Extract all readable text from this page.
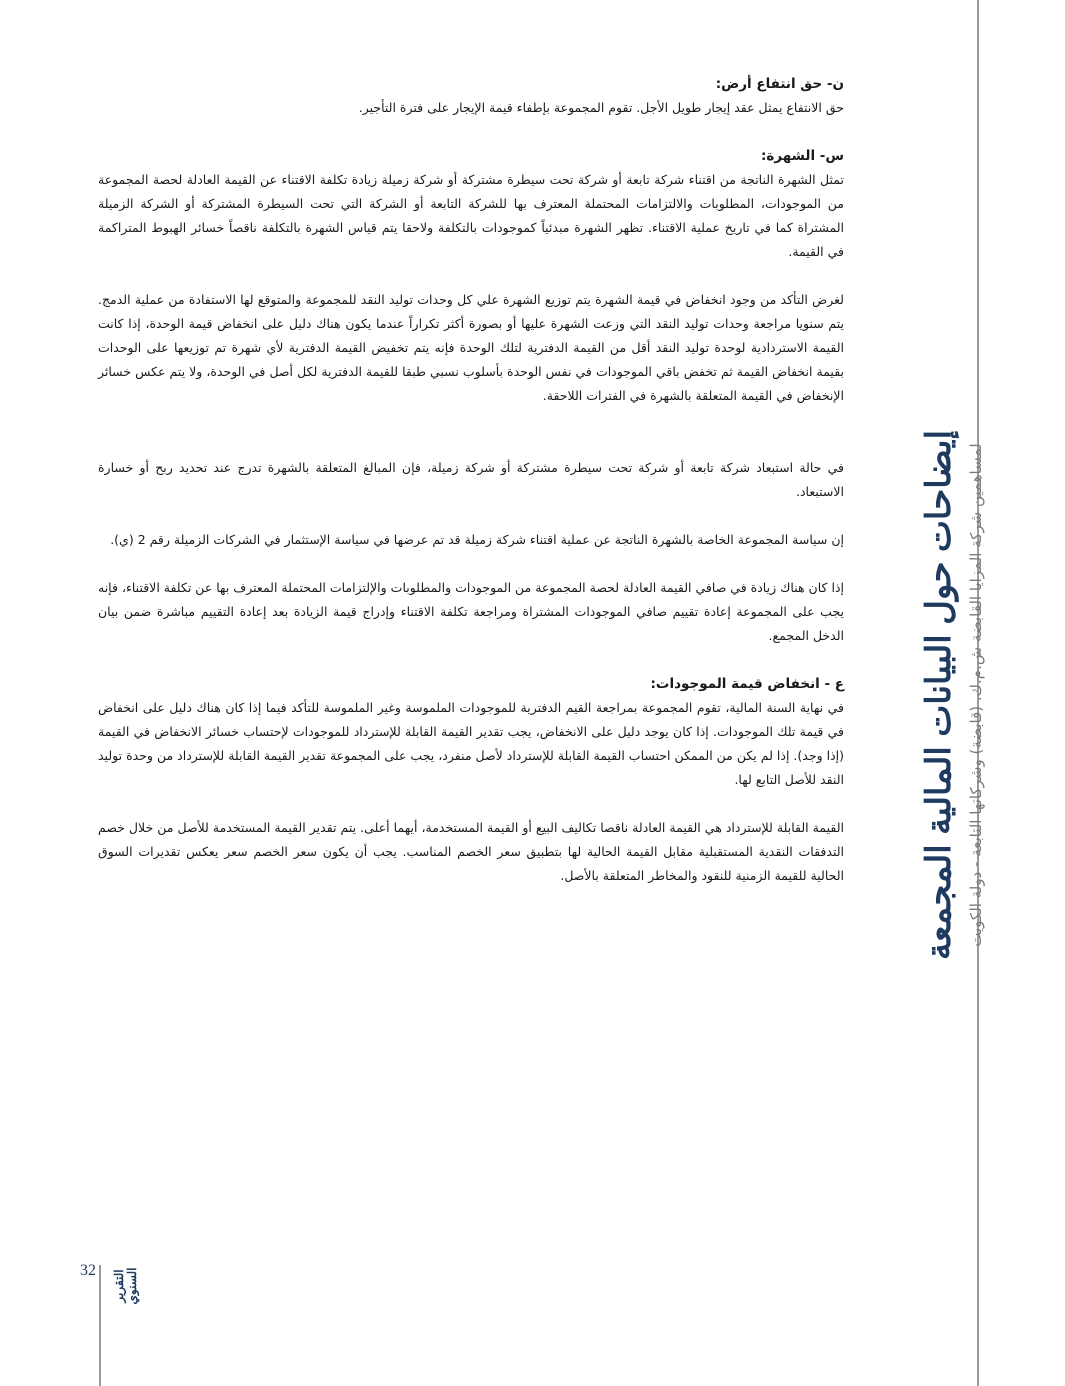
ن- حق انتفاع أرض:

حق الانتفاع يمثل عقد إيجار طويل الأجل. تقوم المجموعة بإطفاء قيمة الإيجار على فترة التأجير.

س- الشهرة:

تمثل الشهرة الناتجة من اقتناء شركة تابعة أو شركة تحت سيطرة مشتركة أو شركة زميلة زيادة تكلفة الاقتناء عن القيمة العادلة لحصة المجموعة من الموجودات، المطلوبات والالتزامات المحتملة المعترف بها للشركة التابعة أو الشركة التي تحت السيطرة المشتركة أو الشركة الزميلة المشتراة كما في تاريخ عملية الاقتناء. تظهر الشهرة مبدئياً كموجودات بالتكلفة ولاحقا يتم قياس الشهرة بالتكلفة ناقصاً خسائر الهبوط المتراكمة في القيمة.

لغرض التأكد من وجود انخفاض في قيمة الشهرة يتم توزيع الشهرة علي كل وحدات توليد النقد للمجموعة والمتوقع لها الاستفادة من عملية الدمج. يتم سنويا مراجعة وحدات توليد النقد التي وزعت الشهرة عليها أو بصورة أكثر تكراراً عندما يكون هناك دليل على انخفاض قيمة الوحدة، إذا كانت القيمة الاستردادية لوحدة توليد النقد أقل من القيمة الدفترية لتلك الوحدة فإنه يتم تخفيض القيمة الدفترية لأي شهرة تم توزيعها على الوحدات بقيمة انخفاض القيمة ثم تخفض باقي الموجودات في نفس الوحدة بأسلوب نسبي طبقا للقيمة الدفترية لكل أصل في الوحدة، ولا يتم عكس خسائر الإنخفاض في القيمة المتعلقة بالشهرة في الفترات اللاحقة.

في حالة استبعاد شركة تابعة أو شركة تحت سيطرة مشتركة أو شركة زميلة، فإن المبالغ المتعلقة بالشهرة تدرج عند تحديد ربح أو خسارة الاستبعاد.

إن سياسة المجموعة الخاصة بالشهرة الناتجة عن عملية اقتناء شركة زميلة قد تم عرضها في سياسة الإستثمار في الشركات الزميلة رقم 2 (ي).

إذا كان هناك زيادة في صافي القيمة العادلة لحصة المجموعة من الموجودات والمطلوبات والإلتزامات المحتملة المعترف بها عن تكلفة الاقتناء، فإنه يجب على المجموعة إعادة تقييم صافي الموجودات المشتراة ومراجعة تكلفة الاقتناء وإدراج قيمة الزيادة بعد إعادة التقييم مباشرة ضمن بيان الدخل المجمع.

ع - انخفاض قيمة الموجودات:

في نهاية السنة المالية، تقوم المجموعة بمراجعة القيم الدفترية للموجودات الملموسة وغير الملموسة للتأكد فيما إذا كان هناك دليل على انخفاض في قيمة تلك الموجودات. إذا كان يوجد دليل على الانخفاض، يجب تقدير القيمة القابلة للإسترداد للموجودات لإحتساب خسائر الانخفاض في القيمة (إذا وجد). إذا لم يكن من الممكن احتساب القيمة القابلة للإسترداد لأصل منفرد، يجب على المجموعة تقدير القيمة القابلة للإسترداد من وحدة توليد النقد للأصل التابع لها.

القيمة القابلة للإسترداد هي القيمة العادلة ناقصا تكاليف البيع أو القيمة المستخدمة، أيهما أعلى. يتم تقدير القيمة المستخدمة للأصل من خلال خصم التدفقات النقدية المستقبلية مقابل القيمة الحالية لها بتطبيق سعر الخصم المناسب. يجب أن يكون سعر الخصم سعر يعكس تقديرات السوق الحالية للقيمة الزمنية للنقود والمخاطر المتعلقة بالأصل. إيضاحات حول البيانات المالية المجمعة لمساهمين شركة المزايا القابضة ش.م.ك. (قابضة) وشركاتها التابعة - دولة الكويت
32 التقرير السنوي
